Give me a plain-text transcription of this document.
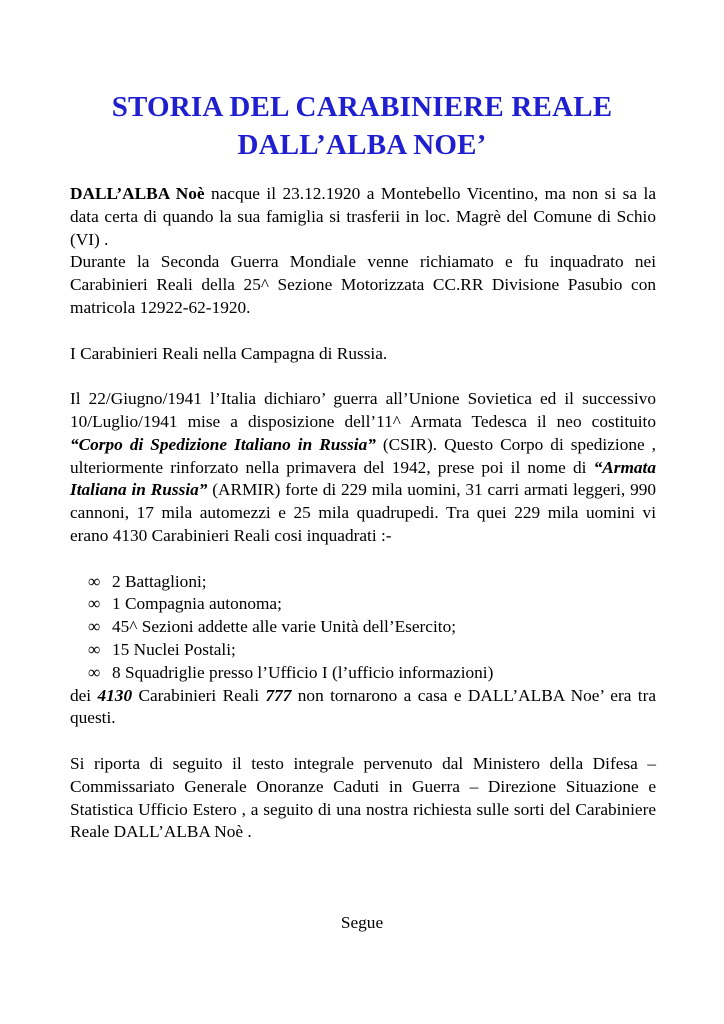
STORIA DEL CARABINIERE REALE
DALL’ALBA NOE’
DALL’ALBA Noè nacque il 23.12.1920 a Montebello Vicentino, ma non si sa la data certa di quando la sua famiglia si trasferii in loc. Magrè del Comune di Schio (VI) .
Durante la Seconda Guerra Mondiale venne richiamato e fu inquadrato nei Carabinieri Reali della 25^ Sezione Motorizzata CC.RR Divisione Pasubio con matricola 12922-62-1920.
I Carabinieri Reali nella Campagna di Russia.
Il 22/Giugno/1941 l’Italia dichiaro’ guerra all’Unione Sovietica ed il successivo 10/Luglio/1941 mise a disposizione dell’11^ Armata Tedesca il neo costituito “Corpo di Spedizione Italiano in Russia” (CSIR). Questo Corpo di spedizione , ulteriormente rinforzato nella primavera del 1942, prese poi il nome di “Armata Italiana in Russia” (ARMIR) forte di 229 mila uomini, 31 carri armati leggeri, 990 cannoni, 17 mila automezzi e 25 mila quadrupedi. Tra quei 229 mila uomini vi erano 4130 Carabinieri Reali cosi inquadrati :-
∞ 2 Battaglioni;
∞ 1 Compagnia autonoma;
∞ 45^ Sezioni addette alle varie Unità dell’Esercito;
∞ 15 Nuclei Postali;
∞ 8 Squadriglie presso l’Ufficio I (l’ufficio informazioni)
dei 4130 Carabinieri Reali 777 non tornarono a casa e DALL’ALBA Noe’ era tra questi.
Si riporta di seguito il testo integrale pervenuto dal Ministero della Difesa –Commissariato Generale Onoranze Caduti in Guerra – Direzione Situazione e Statistica Ufficio Estero , a seguito di una nostra richiesta sulle sorti del Carabiniere Reale DALL’ALBA Noè .
Segue
